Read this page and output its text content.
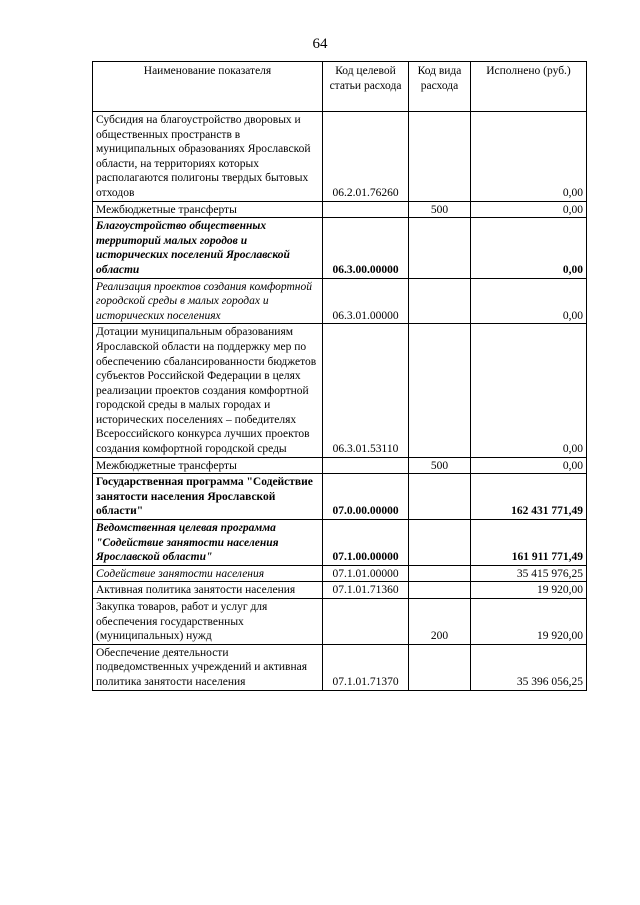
64
Наименование показателя	Код целевой статьи расхода	Код вида расхода	Исполнено (руб.)
Субсидия на благоустройство дворовых и общественных пространств в муниципальных образованиях Ярославской области, на территориях которых располагаются полигоны твердых бытовых отходов	06.2.01.76260		0,00
Межбюджетные трансферты		500	0,00
Благоустройство общественных территорий малых городов и исторических поселений Ярославской области	06.3.00.00000		0,00
Реализация проектов создания комфортной городской среды в малых городах и исторических поселениях	06.3.01.00000		0,00
Дотации муниципальным образованиям Ярославской области на поддержку мер по обеспечению сбалансированности бюджетов субъектов Российской Федерации в целях реализации проектов создания комфортной городской среды в малых городах и исторических поселениях – победителях Всероссийского конкурса лучших проектов создания комфортной городской среды	06.3.01.53110		0,00
Межбюджетные трансферты		500	0,00
Государственная программа "Содействие занятости населения Ярославской области"	07.0.00.00000		162 431 771,49
Ведомственная целевая программа "Содействие занятости населения Ярославской области"	07.1.00.00000		161 911 771,49
Содействие занятости населения	07.1.01.00000		35 415 976,25
Активная политика занятости населения	07.1.01.71360		19 920,00
Закупка товаров, работ и услуг для обеспечения государственных (муниципальных) нужд		200	19 920,00
Обеспечение деятельности подведомственных учреждений и активная политика занятости населения	07.1.01.71370		35 396 056,25
